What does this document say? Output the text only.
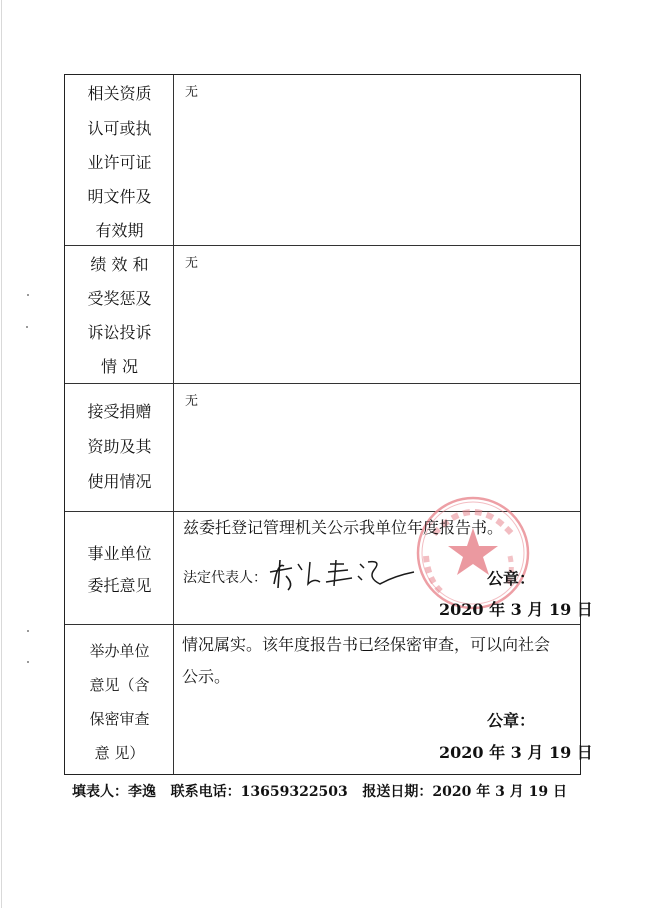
相关资质
认可或执
业许可证
明文件及
有效期
无
绩 效 和
受奖惩及
诉讼投诉
情 况
无
接受捐赠
资助及其
使用情况
无
事业单位
委托意见
兹委托登记管理机关公示我单位年度报告书。
法定代表人：	公章：
2020 年 3 月 19 日
举办单位
意见（含
保密审查
意 见）
情况属实。该年度报告书已经保密审查，可以向社会
公示。
公章：
2020 年 3 月 19 日
填表人：李逸 联系电话：13659322503 报送日期：2020 年 3 月 19 日
